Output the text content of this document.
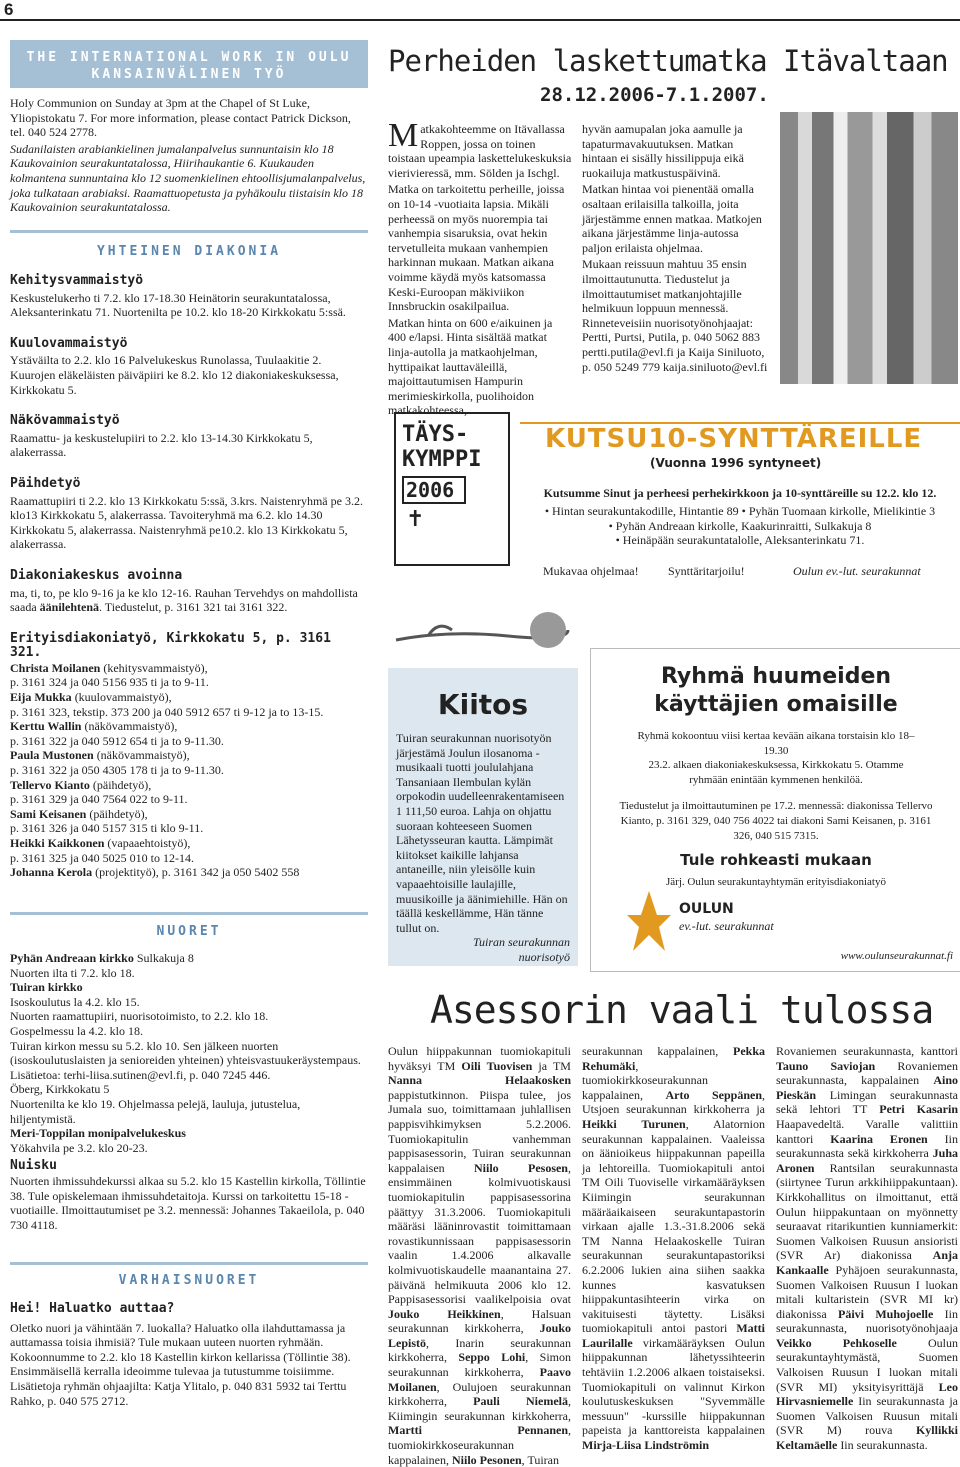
6
THE INTERNATIONAL WORK IN OULU
KANSAINVÄLINEN TYÖ

Holy Communion on Sunday at 3pm at the Chapel of St Luke, Yliopistokatu 7. For more information, please contact Patrick Dickson, tel. 040 524 2778.

Sudanilaisten arabiankielinen jumalanpalvelus sunnuntaisin klo 18 Kaukovainion seurakuntatalossa, Hiirihaukantie 6. Kuukauden kolmantena sunnuntaina klo 12 suomenkielinen ehtoollisjumalanpalvelus, joka tulkataan arabiaksi. Raamattuopetusta ja pyhäkoulu tiistaisin klo 18 Kaukovainion seurakuntatalossa.

YHTEINEN DIAKONIA
Kehitysvammaistyö

Keskustelukerho ti 7.2. klo 17-18.30 Heinätorin seurakuntatalossa, Aleksanterinkatu 71. Nuortenilta pe 10.2. klo 18-20 Kirkkokatu 5:ssä.

Kuulovammaistyö

Ystäväilta to 2.2. klo 16 Palvelukeskus Runolassa, Tuulaakitie 2. Kuurojen eläkeläisten päiväpiiri ke 8.2. klo 12 diakoniakeskuksessa, Kirkkokatu 5.

Näkövammaistyö

Raamattu- ja keskustelupiiri to 2.2. klo 13-14.30 Kirkkokatu 5, alakerrassa.

Päihdetyö

Raamattupiiri ti 2.2. klo 13 Kirkkokatu 5:ssä, 3.krs. Naistenryhmä pe 3.2. klo13 Kirkkokatu 5, alakerrassa. Tavoiteryhmä ma 6.2. klo 14.30 Kirkkokatu 5, alakerrassa. Naistenryhmä pe10.2. klo 13 Kirkkokatu 5, alakerrassa.

Diakoniakeskus avoinna

ma, ti, to, pe klo 9-16 ja ke klo 12-16. Rauhan Tervehdys on mahdollista saada äänilehtenä. Tiedustelut, p. 3161 321 tai 3161 322.

Erityisdiakoniatyö, Kirkkokatu 5, p. 3161 321.

Christa Moilanen (kehitysvammaistyö),

p. 3161 324 ja 040 5156 935 ti ja to 9-11.

Eija Mukka (kuulovammaistyö),

p. 3161 323, tekstip. 373 200 ja 040 5912 657 ti 9-12 ja to 13-15.

Kerttu Wallin (näkövammaistyö),

p. 3161 322 ja 040 5912 654 ti ja to 9-11.30.

Paula Mustonen (näkövammaistyö),

p. 3161 322 ja 050 4305 178 ti ja to 9-11.30.

Tellervo Kianto (päihdetyö),

p. 3161 329 ja 040 7564 022 to 9-11.

Sami Keisanen (päihdetyö),

p. 3161 326 ja 040 5157 315 ti klo 9-11.

Heikki Kaikkonen (vapaaehtoistyö),

p. 3161 325 ja 040 5025 010 to 12-14.

Johanna Kerola (projektityö), p. 3161 342 ja 050 5402 558

NUORET

Pyhän Andreaan kirkko Sulkakuja 8

Nuorten ilta ti 7.2. klo 18.

Tuiran kirkko

Isoskoulutus la 4.2. klo 15.

Nuorten raamattupiiri, nuorisotoimisto, to 2.2. klo 18.

Gospelmessu la 4.2. klo 18.

Tuiran kirkon messu su 5.2. klo 10. Sen jälkeen nuorten (isoskoulutuslaisten ja senioreiden yhteinen) yhteisvastuukeräystempaus. Lisätietoa: terhi-liisa.sutinen@evl.fi, p. 040 7245 446.

Öberg, Kirkkokatu 5

Nuortenilta ke klo 19. Ohjelmassa pelejä, lauluja, jutustelua, hiljentymistä.

Meri-Toppilan monipalvelukeskus

Yökahvila pe 3.2. klo 20-23.

Nuisku

Nuorten ihmissuhdekurssi alkaa su 5.2. klo 15 Kastellin kirkolla, Töllintie 38. Tule opiskelemaan ihmissuhdetaitoja. Kurssi on tarkoitettu 15-18 -vuotiaille. Ilmoittautumiset pe 3.2. mennessä: Johannes Takaeilola, p. 040 730 4118.

VARHAISNUORET
Hei! Haluatko auttaa?

Oletko nuori ja vähintään 7. luokalla? Haluatko olla ilahduttamassa ja auttamassa toisia ihmisiä? Tule mukaan uuteen nuorten ryhmään. Kokoonnumme to 2.2. klo 18 Kastellin kirkon kellarissa (Töllintie 38). Ensimmäisellä kerralla ideoimme tulevaa ja tutustumme toisiimme. Lisätietoja ryhmän ohjaajilta: Katja Ylitalo, p. 040 831 5932 tai Terttu Rahko, p. 040 575 2712.

Perheiden laskettumatka Itävaltaan
28.12.2006-7.1.2007.

Matkakohteemme on Itävallassa Roppen, jossa on toinen toistaan upeampia laskettelukeskuksia vierivieressä, mm. Sölden ja Ischgl.

Matka on tarkoitettu perheille, joissa on 10-14 -vuotiaita lapsia. Mikäli perheessä on myös nuorempia tai vanhempia sisaruksia, ovat hekin tervetulleita mukaan vanhempien harkinnan mukaan. Matkan aikana voimme käydä myös katsomassa Keski-Euroopan mäkiviikon Innsbruckin osakilpailua.

Matkan hinta on 600 e/aikuinen ja 400 e/lapsi. Hinta sisältää matkat linja-autolla ja matkaohjelman, hyttipaikat lauttaväleillä, majoittautumisen Hampurin merimieskirkolla, puolihoidon matkakohteessa,

hyvän aamupalan joka aamulle ja tapaturmavakuutuksen. Matkan hintaan ei sisälly hissilippuja eikä ruokailuja matkustuspäivinä.

Matkan hintaa voi pienentää omalla osaltaan erilaisilla talkoilla, joita järjestämme ennen matkaa. Matkojen aikana järjestämme linja-autossa paljon erilaista ohjelmaa.

Mukaan reissuun mahtuu 35 ensin ilmoittautunutta. Tiedustelut ja ilmoittautumiset matkanjohtajille helmikuun loppuun mennessä. Rinneteveisiin nuorisotyönohjaajat: Pertti, Purtsi, Putila, p. 040 5062 883 pertti.putila@evl.fi ja Kaija Siniluoto, p. 050 5249 779 kaija.siniluoto@evl.fi

TÄYS-
KYMPPI
2006
✝
KUTSU10-SYNTTÄREILLE
(Vuonna 1996 syntyneet)
Kutsumme Sinut ja perheesi perhekirkkoon ja 10-synttäreille su 12.2. klo 12.
• Hintan seurakuntakodille, Hintantie 89 • Pyhän Tuomaan kirkolle, Mielikintie 3
• Pyhän Andreaan kirkolle, Kaakurinraitti, Sulkakuja 8
• Heinäpään seurakuntatalolle, Aleksanterinkatu 71.
Mukavaa ohjelmaa! Synttäritarjoilu!	Oulun ev.-lut. seurakunnat
Kiitos

Tuiran seurakunnan nuorisotyön järjestämä Joulun ilosanoma -musikaali tuotti joululahjana Tansaniaan Ilembulan kylän orpokodin uudelleenrakentamiseen 1 111,50 euroa. Lahja on ohjattu suoraan kohteeseen Suomen Lähetysseuran kautta. Lämpimät kiitokset kaikille lahjansa antaneille, niin yleisölle kuin vapaaehtoisille laulajille, muusikoille ja äänimiehille. Hän on täällä keskellämme, Hän tänne tullut on.

Tuiran seurakunnan

nuorisotyö

Ryhmä huumeiden
käyttäjien omaisille

Ryhmä kokoontuu viisi kertaa kevään aikana torstaisin klo 18–19.30

23.2. alkaen diakoniakeskuksessa, Kirkkokatu 5. Otamme ryhmään enintään kymmenen henkilöä.

Tiedustelut ja ilmoittautuminen pe 17.2. mennessä: diakonissa Tellervo Kianto, p. 3161 329, 040 756 4022 tai diakoni Sami Keisanen, p. 3161 326, 040 515 7315.

Tule rohkeasti mukaan

Järj. Oulun seurakuntayhtymän erityisdiakoniatyö

OULUN
ev.-lut. seurakunnat
www.oulunseurakunnat.fi
Asessorin vaali tulossa
Oulun hiippakunnan tuomiokapituli hyväksyi TM Oili Tuovisen ja TM Nanna Helaakosken pappistutkinnon. Piispa tulee, jos Jumala suo, toimittamaan juhlallisen pappisvihkimyksen 5.2.2006. Tuomiokapitulin vanhemman pappisasessorin, Tuiran seurakunnan kappalaisen Niilo Pesosen, ensimmäinen kolmivuotiskausi tuomiokapitulin pappisasessorina päättyy 31.3.2006. Tuomiokapituli määräsi lääninrovastit toimittamaan rovastikunnissaan pappisasessorin vaalin 1.4.2006 alkavalle kolmivuotiskaudelle maanantaina 27. päivänä helmikuuta 2006 klo 12. Pappisasessorisi vaalikelpoisia ovat Jouko Heikkinen, Halsuan seurakunnan kirkkoherra, Jouko Lepistö, Inarin seurakunnan kirkkoherra, Seppo Lohi, Simon seurakunnan kirkkoherra, Paavo Moilanen, Oulujoen seurakunnan kirkkoherra, Pauli Niemelä, Kiimingin seurakunnan kirkkoherra, Martti Pennanen, tuomiokirkkoseurakunnan kappalainen, Niilo Pesonen, Tuiran
seurakunnan kappalainen, Pekka Rehumäki, tuomiokirkkoseurakunnan kappalainen, Arto Seppänen, Utsjoen seurakunnan kirkkoherra ja Heikki Turunen, Alatornion seurakunnan kappalainen. Vaaleissa on äänioikeus hiippakunnan papeilla ja lehtoreilla. Tuomiokapituli antoi TM Oili Tuoviselle virkamääräyksen Kiimingin seurakunnan määräaikaiseen seurakuntapastorin virkaan ajalle 1.3.-31.8.2006 sekä TM Nanna Helaakoskelle Tuiran seurakunnan seurakuntapastoriksi 6.2.2006 lukien aina siihen saakka kunnes kasvatuksen hiippakuntasihteerin virka on vakituisesti täytetty. Lisäksi tuomiokapituli antoi pastori Matti Laurilalle virkamääräyksen Oulun hiippakunnan lähetyssihteerin tehtäviin 1.2.2006 alkaen toistaiseksi. Tuomiokapituli on valinnut Kirkon koulutuskeskuksen "Syvemmälle messuun" -kurssille hiippakunnan papeista ja kanttoreista kappalainen Mirja-Liisa Lindströmin
Rovaniemen seurakunnasta, kanttori Tauno Saviojan Rovaniemen seurakunnasta, kappalainen Aino Pieskän Limingan seurakunnasta sekä lehtori TT Petri Kasarin Haapavedeltä. Varalle valittiin kanttori Kaarina Eronen Iin seurakunnasta sekä kirkkoherra Juha Aronen Rantsilan seurakunnasta (siirtynee Turun arkkihiippakuntaan). Kirkkohallitus on ilmoittanut, että Oulun hiippakuntaan on myönnetty seuraavat ritarikuntien kunniamerkit: Suomen Valkoisen Ruusun ansioristi (SVR Ar) diakonissa Anja Kankaalle Pyhäjoen seurakunnasta, Suomen Valkoisen Ruusun I luokan mitali kultaristein (SVR MI kr) diakonissa Päivi Muhojoelle Iin seurakunnasta, nuorisotyönohjaaja Veikko Pehkoselle Oulun seurakuntayhtymästä, Suomen Valkoisen Ruusun I luokan mitali (SVR MI) yksityisyrittäjä Leo Hirvasniemelle Iin seurakunnasta ja Suomen Valkoisen Ruusun mitali (SVR M) rouva Kyllikki Keltamäelle Iin seurakunnasta.
